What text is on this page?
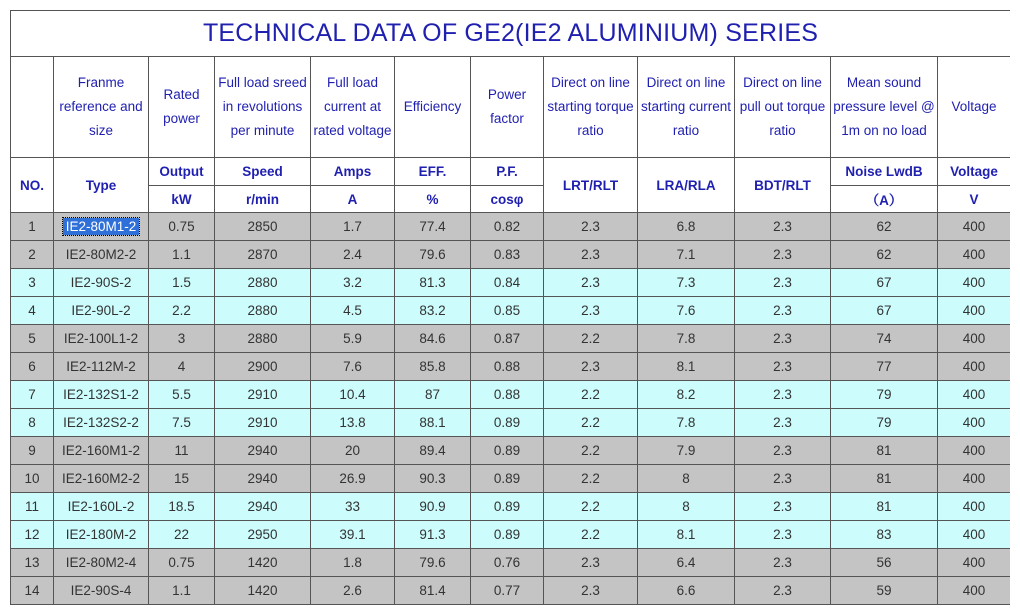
TECHNICAL DATA OF GE2(IE2 ALUMINIUM) SERIES											
	Franme reference and size	Rated power	Full load sreed in revolutions per minute	Full load current at rated voltage	Efficiency	Power factor	Direct on line starting torque ratio	Direct on line starting current ratio	Direct on line pull out torque ratio	Mean sound pressure level @ 1m on no load	Voltage
NO.	Type	Output	Speed	Amps	EFF.	P.F.	LRT/RLT	LRA/RLA	BDT/RLT	Noise LwdB	Voltage
		kW	r/min	A	%	cosφ				（A）	V
1	IE2-80M1-2	0.75	2850	1.7	77.4	0.82	2.3	6.8	2.3	62	400
2	IE2-80M2-2	1.1	2870	2.4	79.6	0.83	2.3	7.1	2.3	62	400
3	IE2-90S-2	1.5	2880	3.2	81.3	0.84	2.3	7.3	2.3	67	400
4	IE2-90L-2	2.2	2880	4.5	83.2	0.85	2.3	7.6	2.3	67	400
5	IE2-100L1-2	3	2880	5.9	84.6	0.87	2.2	7.8	2.3	74	400
6	IE2-112M-2	4	2900	7.6	85.8	0.88	2.3	8.1	2.3	77	400
7	IE2-132S1-2	5.5	2910	10.4	87	0.88	2.2	8.2	2.3	79	400
8	IE2-132S2-2	7.5	2910	13.8	88.1	0.89	2.2	7.8	2.3	79	400
9	IE2-160M1-2	11	2940	20	89.4	0.89	2.2	7.9	2.3	81	400
10	IE2-160M2-2	15	2940	26.9	90.3	0.89	2.2	8	2.3	81	400
11	IE2-160L-2	18.5	2940	33	90.9	0.89	2.2	8	2.3	81	400
12	IE2-180M-2	22	2950	39.1	91.3	0.89	2.2	8.1	2.3	83	400
13	IE2-80M2-4	0.75	1420	1.8	79.6	0.76	2.3	6.4	2.3	56	400
14	IE2-90S-4	1.1	1420	2.6	81.4	0.77	2.3	6.6	2.3	59	400
